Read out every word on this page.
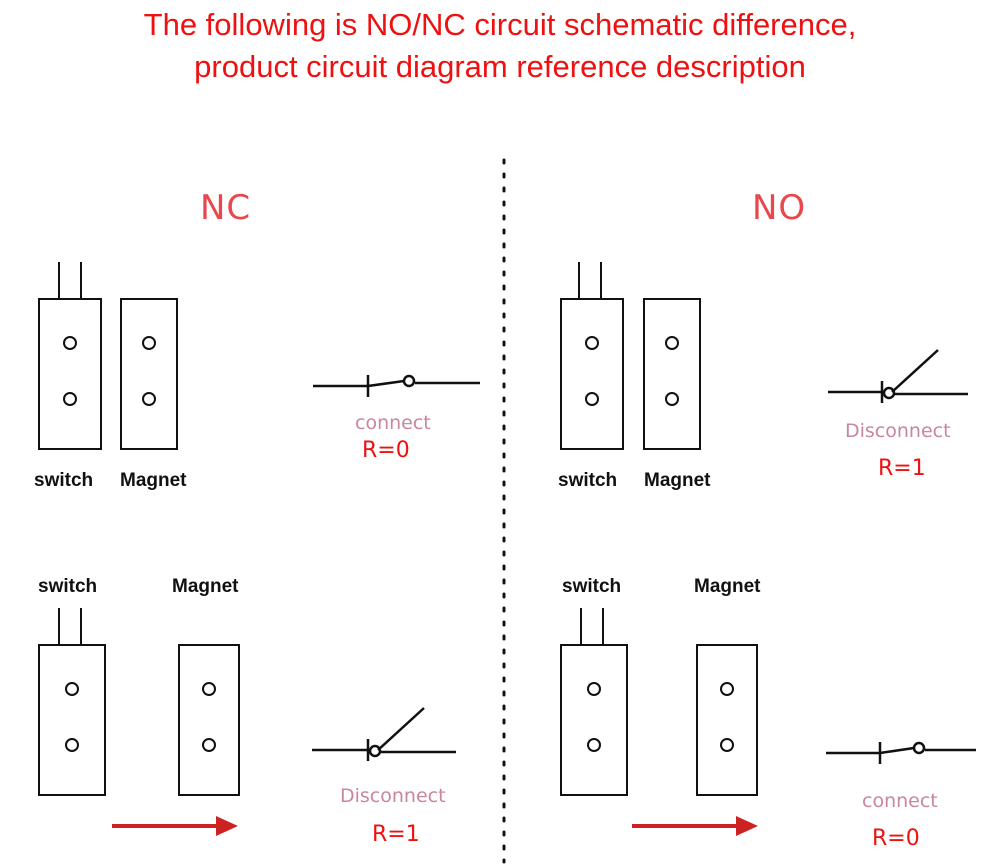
The following is NO/NC circuit schematic difference,
product circuit diagram reference description
NC	NO
switch Magnet
connect
R=0
switch Magnet
Disconnect
R=1
switch	Magnet
Disconnect
R=1
switch	Magnet
connect
R=0
